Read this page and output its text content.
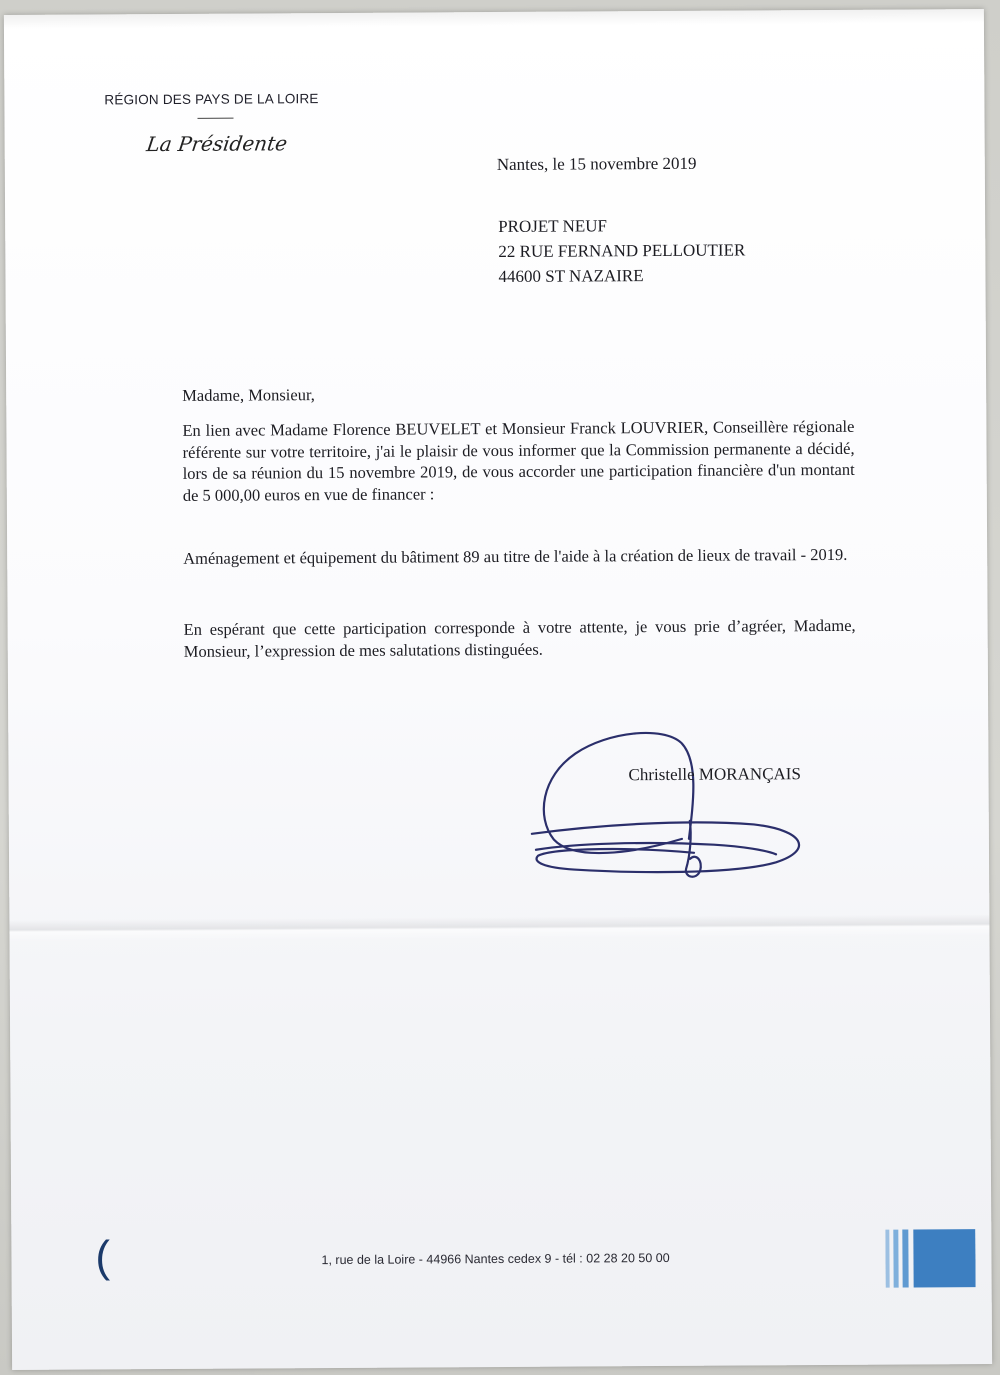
RÉGION DES PAYS DE LA LOIRE
La Présidente
Nantes, le 15 novembre 2019
PROJET NEUF
22 RUE FERNAND PELLOUTIER
44600 ST NAZAIRE
Madame, Monsieur,
En lien avec Madame Florence BEUVELET et Monsieur Franck LOUVRIER, Conseillère régionale référente sur votre territoire, j'ai le plaisir de vous informer que la Commission permanente a décidé, lors de sa réunion du 15 novembre 2019, de vous accorder une participation financière d'un montant de 5 000,00 euros en vue de financer :
Aménagement et équipement du bâtiment 89 au titre de l'aide à la création de lieux de travail - 2019.
En espérant que cette participation corresponde à votre attente, je vous prie d’agréer, Madame, Monsieur, l’expression de mes salutations distinguées.
Christelle MORANÇAIS
(	1, rue de la Loire - 44966 Nantes cedex 9 - tél : 02 28 20 50 00
